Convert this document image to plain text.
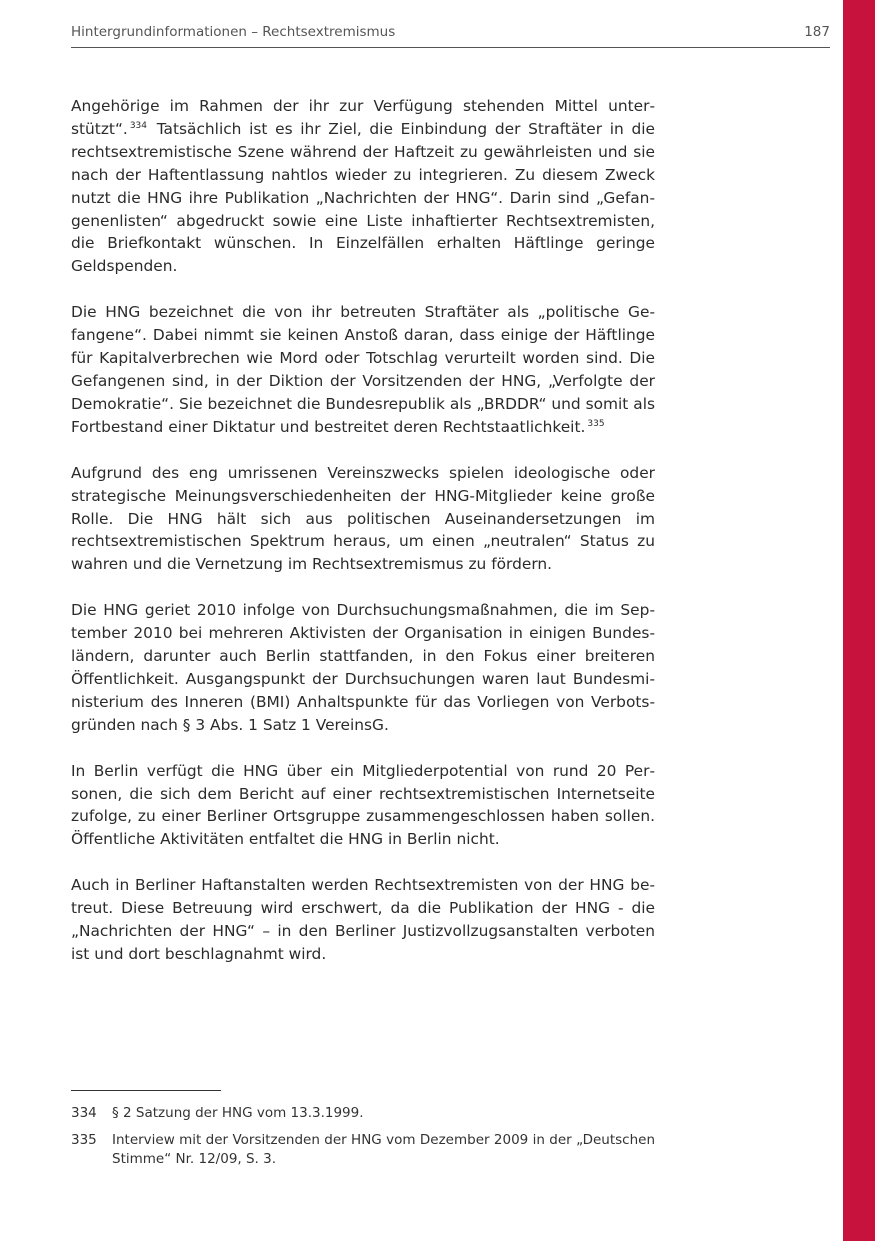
Hintergrundinformationen – Rechtsextremismus	187

Angehörige im Rahmen der ihr zur Verfügung stehenden Mittel unterstützt“. $^{334}$ Tatsächlich ist es ihr Ziel, die Einbindung der Straftäter in die rechtsextremistische Szene während der Haftzeit zu gewährleisten und sie nach der Haftentlassung nahtlos wieder zu integrieren. Zu diesem Zweck nutzt die HNG ihre Publikation „Nachrichten der HNG“. Darin sind „Gefangenenlisten“ abgedruckt sowie eine Liste inhaftierter Rechtsextremisten, die Briefkontakt wünschen. In Einzelfällen erhalten Häftlinge geringe Geldspenden.

Die HNG bezeichnet die von ihr betreuten Straftäter als „politische Gefangene“. Dabei nimmt sie keinen Anstoß daran, dass einige der Häftlinge für Kapitalverbrechen wie Mord oder Totschlag verurteilt worden sind. Die Gefangenen sind, in der Diktion der Vorsitzenden der HNG, „Verfolgte der Demokratie“. Sie bezeichnet die Bundesrepublik als „BRDDR“ und somit als Fortbestand einer Diktatur und bestreitet deren Rechtstaatlichkeit. $^{335}$

Aufgrund des eng umrissenen Vereinszwecks spielen ideologische oder strategische Meinungsverschiedenheiten der HNG-Mitglieder keine große Rolle. Die HNG hält sich aus politischen Auseinandersetzungen im rechtsextremistischen Spektrum heraus, um einen „neutralen“ Status zu wahren und die Vernetzung im Rechtsextremismus zu fördern.

Die HNG geriet 2010 infolge von Durchsuchungsmaßnahmen, die im September 2010 bei mehreren Aktivisten der Organisation in einigen Bundesländern, darunter auch Berlin stattfanden, in den Fokus einer breiteren Öffentlichkeit. Ausgangspunkt der Durchsuchungen waren laut Bundesministerium des Inneren (BMI) Anhaltspunkte für das Vorliegen von Verbotsgründen nach § 3 Abs. 1 Satz 1 VereinsG.

In Berlin verfügt die HNG über ein Mitgliederpotential von rund 20 Personen, die sich dem Bericht auf einer rechtsextremistischen Internetseite zufolge, zu einer Berliner Ortsgruppe zusammengeschlossen haben sollen. Öffentliche Aktivitäten entfaltet die HNG in Berlin nicht.

Auch in Berliner Haftanstalten werden Rechtsextremisten von der HNG betreut. Diese Betreuung wird erschwert, da die Publikation der HNG - die „Nachrichten der HNG“ – in den Berliner Justizvollzugsanstalten verboten ist und dort beschlagnahmt wird.

334	§ 2 Satzung der HNG vom 13.3.1999.
335	Interview mit der Vorsitzenden der HNG vom Dezember 2009 in der „Deutschen Stimme“ Nr. 12/09, S. 3.
